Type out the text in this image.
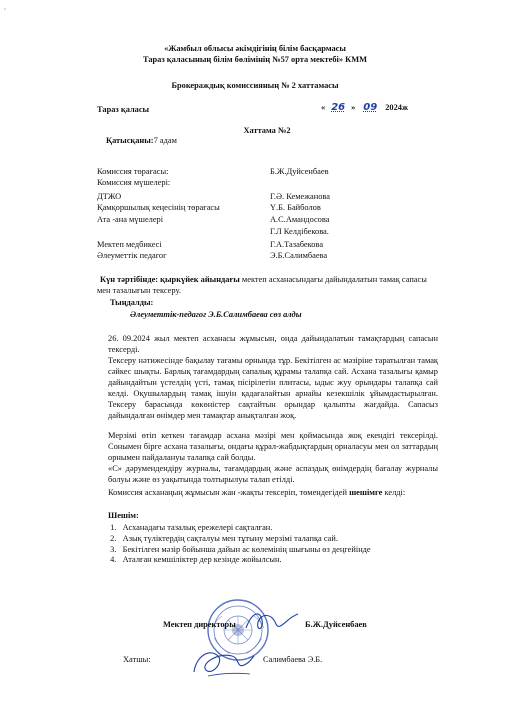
ᵕ
«Жамбыл облысы әкімдігінің білім басқармасы
Тараз қаласының білім бөлімінің №57 орта мектебі» КММ
Брокераждық комиссияның № 2 хаттамасы
Тараз қаласы	« 26 » 09 2024ж
Хаттама №2
Қатысқаны:7 адам
Комиссия төрағасы:	Б.Ж.Дуйсенбаев
Комиссия мүшелері:
ДТЖО	Г.Ә. Кемежанова
Қамқоршылық кеңесінің төрағасы	Ү.Б. Байболов
Ата -ана мүшелері	А.С.Амандосова
Г.Л Келдібекова.
Мектеп медбикесі	Г.А.Тазабекова
Әлеуметтік педагог	Э.Б.Салимбаева
Күн тәртібінде: қыркүйек айындағы мектеп асханасындағы дайындалатын тамақ сапасы
мен тазалығын тексеру.
Тыңдалды:
Әлеуметтік-педагог Э.Б.Салимбаева сөз алды
26. 09.2024 жыл мектеп асханасы жұмысын, онда дайындалатын тамақтардың сапасын тексерді.
Тексеру нәтижесінде бақылау тағамы орнында тұр. Бекітілген ас мәзіріне таратылған тамақ сәйкес шықты. Барлық тағамдардың сапалық құрамы талапқа сай. Асхана тазалығы қамыр дайындайтын үстелдің үсті, тамақ пісірілетін плитасы, ыдыс жуу орындары талапқа сай келді. Оқушылардың тамақ ішуін қадағалайтын арнайы кезекшілік ұйымдастырылған. Тексеру барасында көкөністер сақтайтын орындар қалыпты жағдайда. Сапасыз дайындалған өнімдер мен тамақтар анықталған жоқ.
Мерзімі өтіп кеткен тағамдар асхана мәзірі мен қоймасында жоқ екендігі тексерілді. Сонымен бірге асхана тазалығы, ондағы құрал-жабдықтардың орналасуы мен ол заттардың орнымен пайдалануы талапқа сай болды.
«С» дәрумендендіру журналы, тағамдардың және аспаздық өнімдердің бағалау журналы болуы және өз уақытында толтырылуы талап етілді.
Комиссия асханаңың жұмысын жан -жақты тексеріп, төмендегідей шешімге келді:
Шешім:
1.   Асханадағы тазалық ережелері сақталған.
2.   Азық түліктердің сақталуы мен тұтыну мерзімі талапқа сай.
3.   Бекітілген мәзір бойынша дайын ас көлемінің шығыны өз деңгейінде
4.   Аталған кемшіліктер дер кезінде жойылсын.
Мектеп директоры	Б.Ж.Дуйсенбаев
Хатшы:	Салимбаева Э.Б.
